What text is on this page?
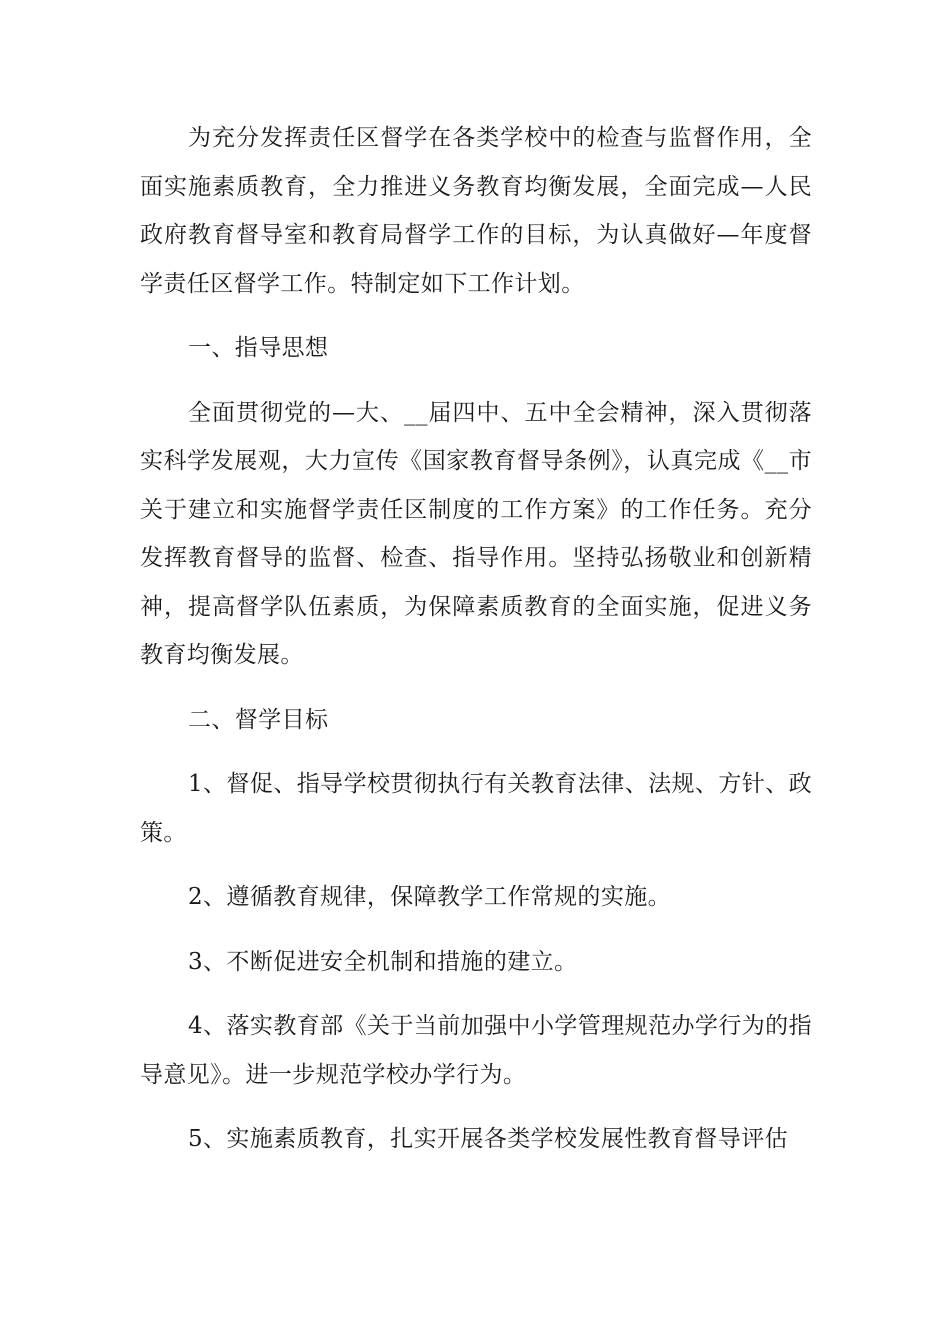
为充分发挥责任区督学在各类学校中的检查与监督作用，全面实施素质教育，全力推进义务教育均衡发展，全面完成—人民政府教育督导室和教育局督学工作的目标，为认真做好—年度督学责任区督学工作。特制定如下工作计划。

一、指导思想

全面贯彻党的—大、__届四中、五中全会精神，深入贯彻落实科学发展观，大力宣传《国家教育督导条例》，认真完成《__市关于建立和实施督学责任区制度的工作方案》的工作任务。充分发挥教育督导的监督、检查、指导作用。坚持弘扬敬业和创新精神，提高督学队伍素质，为保障素质教育的全面实施，促进义务教育均衡发展。

二、督学目标

1、督促、指导学校贯彻执行有关教育法律、法规、方针、政策。

2、遵循教育规律，保障教学工作常规的实施。

3、不断促进安全机制和措施的建立。

4、落实教育部《关于当前加强中小学管理规范办学行为的指导意见》。进一步规范学校办学行为。

5、实施素质教育，扎实开展各类学校发展性教育督导评估
